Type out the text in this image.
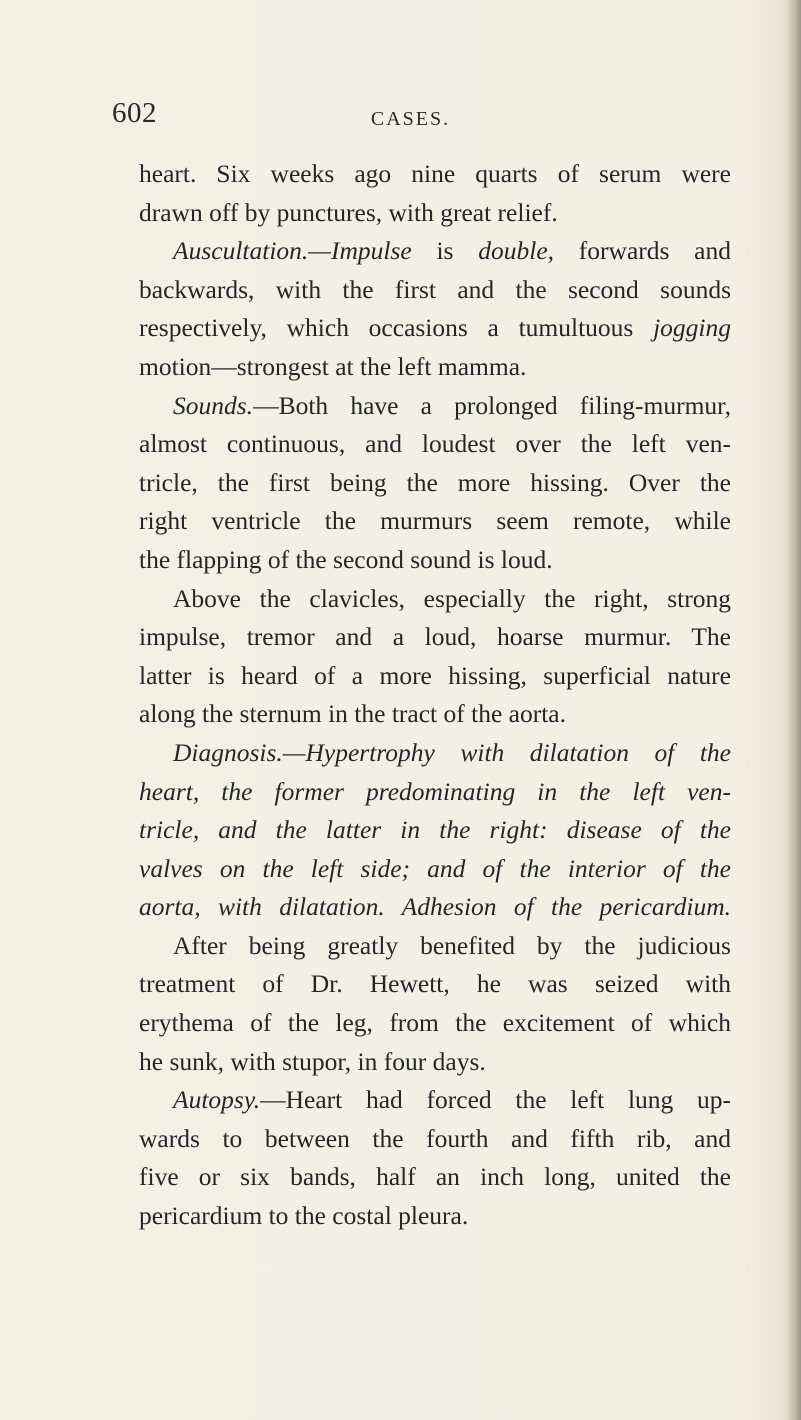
602	CASES.
heart. Six weeks ago nine quarts of serum were
drawn off by punctures, with great relief.
Auscultation.—Impulse is double, forwards and
backwards, with the first and the second sounds
respectively, which occasions a tumultuous jogging
motion—strongest at the left mamma.
Sounds.—Both have a prolonged filing-murmur,
almost continuous, and loudest over the left ven-
tricle, the first being the more hissing. Over the
right ventricle the murmurs seem remote, while
the flapping of the second sound is loud.
Above the clavicles, especially the right, strong
impulse, tremor and a loud, hoarse murmur. The
latter is heard of a more hissing, superficial nature
along the sternum in the tract of the aorta.
Diagnosis.—Hypertrophy with dilatation of the
heart, the former predominating in the left ven-
tricle, and the latter in the right: disease of the
valves on the left side; and of the interior of the
aorta, with dilatation. Adhesion of the pericardium.
After being greatly benefited by the judicious
treatment of Dr. Hewett, he was seized with
erythema of the leg, from the excitement of which
he sunk, with stupor, in four days.
Autopsy.—Heart had forced the left lung up-
wards to between the fourth and fifth rib, and
five or six bands, half an inch long, united the
pericardium to the costal pleura.
